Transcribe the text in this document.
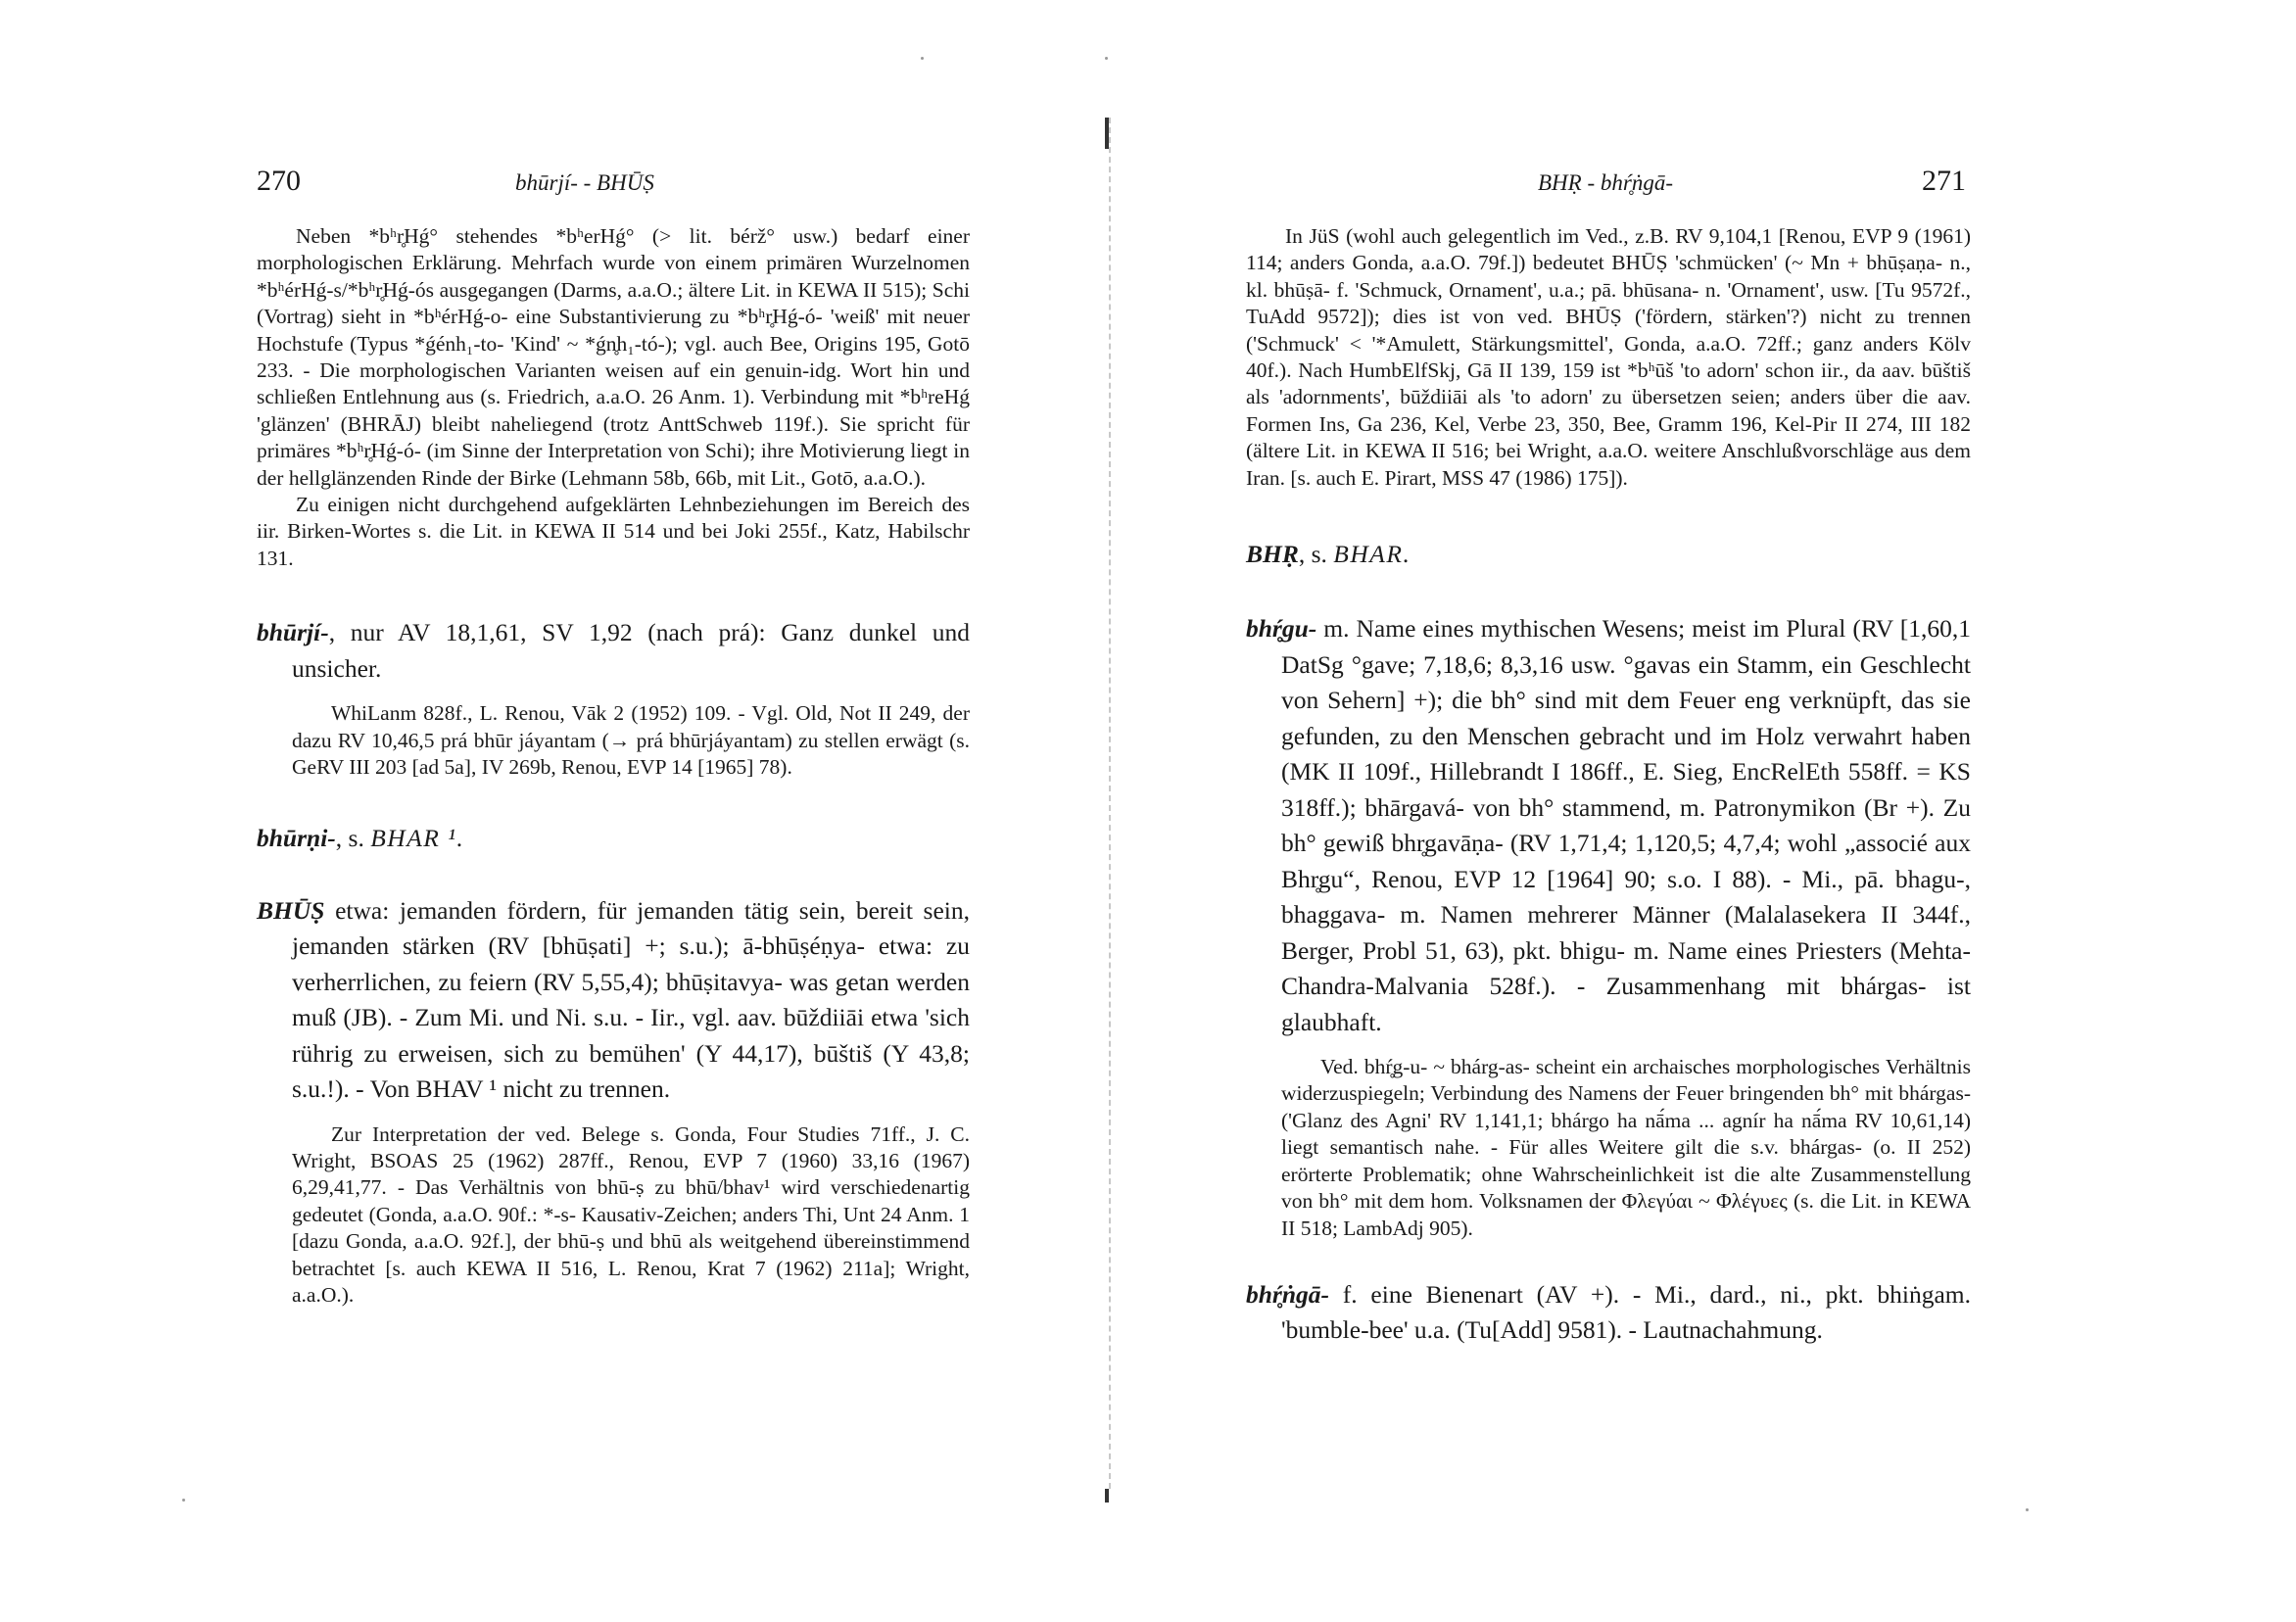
270	bhūrjí- - BHŪṢ

Neben *bʰr̥Hǵ° stehendes *bʰerHǵ° (> lit. bérž° usw.) bedarf einer morphologischen Erklärung. Mehrfach wurde von einem primären Wurzelnomen *bʰérHǵ-s/*bʰr̥Hǵ-ós ausgegangen (Darms, a.a.O.; ältere Lit. in KEWA II 515); Schi (Vortrag) sieht in *bʰérHǵ-o- eine Substantivierung zu *bʰr̥Hǵ-ó- 'weiß' mit neuer Hochstufe (Typus *ǵénh₁-to- 'Kind' ~ *ǵn̥h₁-tó-); vgl. auch Bee, Origins 195, Gotō 233. - Die morphologischen Varianten weisen auf ein genuin-idg. Wort hin und schließen Entlehnung aus (s. Friedrich, a.a.O. 26 Anm. 1). Verbindung mit *bʰreHǵ 'glänzen' (BHRĀJ) bleibt naheliegend (trotz AnttSchweb 119f.). Sie spricht für primäres *bʰr̥Hǵ-ó- (im Sinne der Interpretation von Schi); ihre Motivierung liegt in der hellglänzenden Rinde der Birke (Lehmann 58b, 66b, mit Lit., Gotō, a.a.O.).

Zu einigen nicht durchgehend aufgeklärten Lehnbeziehungen im Bereich des iir. Birken-Wortes s. die Lit. in KEWA II 514 und bei Joki 255f., Katz, Habilschr 131.

bhūrjí-, nur AV 18,1,61, SV 1,92 (nach prá): Ganz dunkel und unsicher.

WhiLanm 828f., L. Renou, Vāk 2 (1952) 109. - Vgl. Old, Not II 249, der dazu RV 10,46,5 prá bhūr jáyantam (→ prá bhūrjáyantam) zu stellen erwägt (s. GeRV III 203 [ad 5a], IV 269b, Renou, EVP 14 [1965] 78).

bhūrṇi-, s. BHAR ¹.

BHŪṢ etwa: jemanden fördern, für jemanden tätig sein, bereit sein, jemanden stärken (RV [bhūṣati] +; s.u.); ā-bhūṣéṇya- etwa: zu verherrlichen, zu feiern (RV 5,55,4); bhūṣitavya- was getan werden muß (JB). - Zum Mi. und Ni. s.u. - Iir., vgl. aav. būždiiāi etwa 'sich rührig zu erweisen, sich zu bemühen' (Y 44,17), būštiš (Y 43,8; s.u.!). - Von BHAV ¹ nicht zu trennen.

Zur Interpretation der ved. Belege s. Gonda, Four Studies 71ff., J. C. Wright, BSOAS 25 (1962) 287ff., Renou, EVP 7 (1960) 33,16 (1967) 6,29,41,77. - Das Verhältnis von bhū-ṣ zu bhū/bhav¹ wird verschiedenartig gedeutet (Gonda, a.a.O. 90f.: *-s- Kausativ-Zeichen; anders Thi, Unt 24 Anm. 1 [dazu Gonda, a.a.O. 92f.], der bhū-ṣ und bhū als weitgehend übereinstimmend betrachtet [s. auch KEWA II 516, L. Renou, Krat 7 (1962) 211a]; Wright, a.a.O.).

BHṚ - bhŕ̥ṅgā-	271

In JüS (wohl auch gelegentlich im Ved., z.B. RV 9,104,1 [Renou, EVP 9 (1961) 114; anders Gonda, a.a.O. 79f.]) bedeutet BHŪṢ 'schmücken' (~ Mn + bhūṣaṇa- n., kl. bhūṣā- f. 'Schmuck, Ornament', u.a.; pā. bhūsana- n. 'Ornament', usw. [Tu 9572f., TuAdd 9572]); dies ist von ved. BHŪṢ ('fördern, stärken'?) nicht zu trennen ('Schmuck' < '*Amulett, Stärkungsmittel', Gonda, a.a.O. 72ff.; ganz anders Kölv 40f.). Nach HumbElfSkj, Gā II 139, 159 ist *bʰūš 'to adorn' schon iir., da aav. būštiš als 'adornments', būždiiāi als 'to adorn' zu übersetzen seien; anders über die aav. Formen Ins, Ga 236, Kel, Verbe 23, 350, Bee, Gramm 196, Kel-Pir II 274, III 182 (ältere Lit. in KEWA II 516; bei Wright, a.a.O. weitere Anschlußvorschläge aus dem Iran. [s. auch E. Pirart, MSS 47 (1986) 175]).

BHṚ, s. BHAR.

bhŕ̥gu- m. Name eines mythischen Wesens; meist im Plural (RV [1,60,1 DatSg °gave; 7,18,6; 8,3,16 usw. °gavas ein Stamm, ein Geschlecht von Sehern] +); die bh° sind mit dem Feuer eng verknüpft, das sie gefunden, zu den Menschen gebracht und im Holz verwahrt haben (MK II 109f., Hillebrandt I 186ff., E. Sieg, EncRelEth 558ff. = KS 318ff.); bhārgavá- von bh° stammend, m. Patronymikon (Br +). Zu bh° gewiß bhr̥gavāṇa- (RV 1,71,4; 1,120,5; 4,7,4; wohl „associé aux Bhr̥gu“, Renou, EVP 12 [1964] 90; s.o. I 88). - Mi., pā. bhagu-, bhaggava- m. Namen mehrerer Männer (Malalasekera II 344f., Berger, Probl 51, 63), pkt. bhigu- m. Name eines Priesters (Mehta-Chandra-Malvania 528f.). - Zusammenhang mit bhárgas- ist glaubhaft.

Ved. bhŕ̥g-u- ~ bhárg-as- scheint ein archaisches morphologisches Verhältnis widerzuspiegeln; Verbindung des Namens der Feuer bringenden bh° mit bhárgas- ('Glanz des Agni' RV 1,141,1; bhárgo ha nā́ma ... agnír ha nā́ma RV 10,61,14) liegt semantisch nahe. - Für alles Weitere gilt die s.v. bhárgas- (o. II 252) erörterte Problematik; ohne Wahrscheinlichkeit ist die alte Zusammenstellung von bh° mit dem hom. Volksnamen der Φλεγύαι ~ Φλέγυες (s. die Lit. in KEWA II 518; LambAdj 905).

bhŕ̥ṅgā- f. eine Bienenart (AV +). - Mi., dard., ni., pkt. bhiṅgam. 'bumble-bee' u.a. (Tu[Add] 9581). - Lautnachahmung.
